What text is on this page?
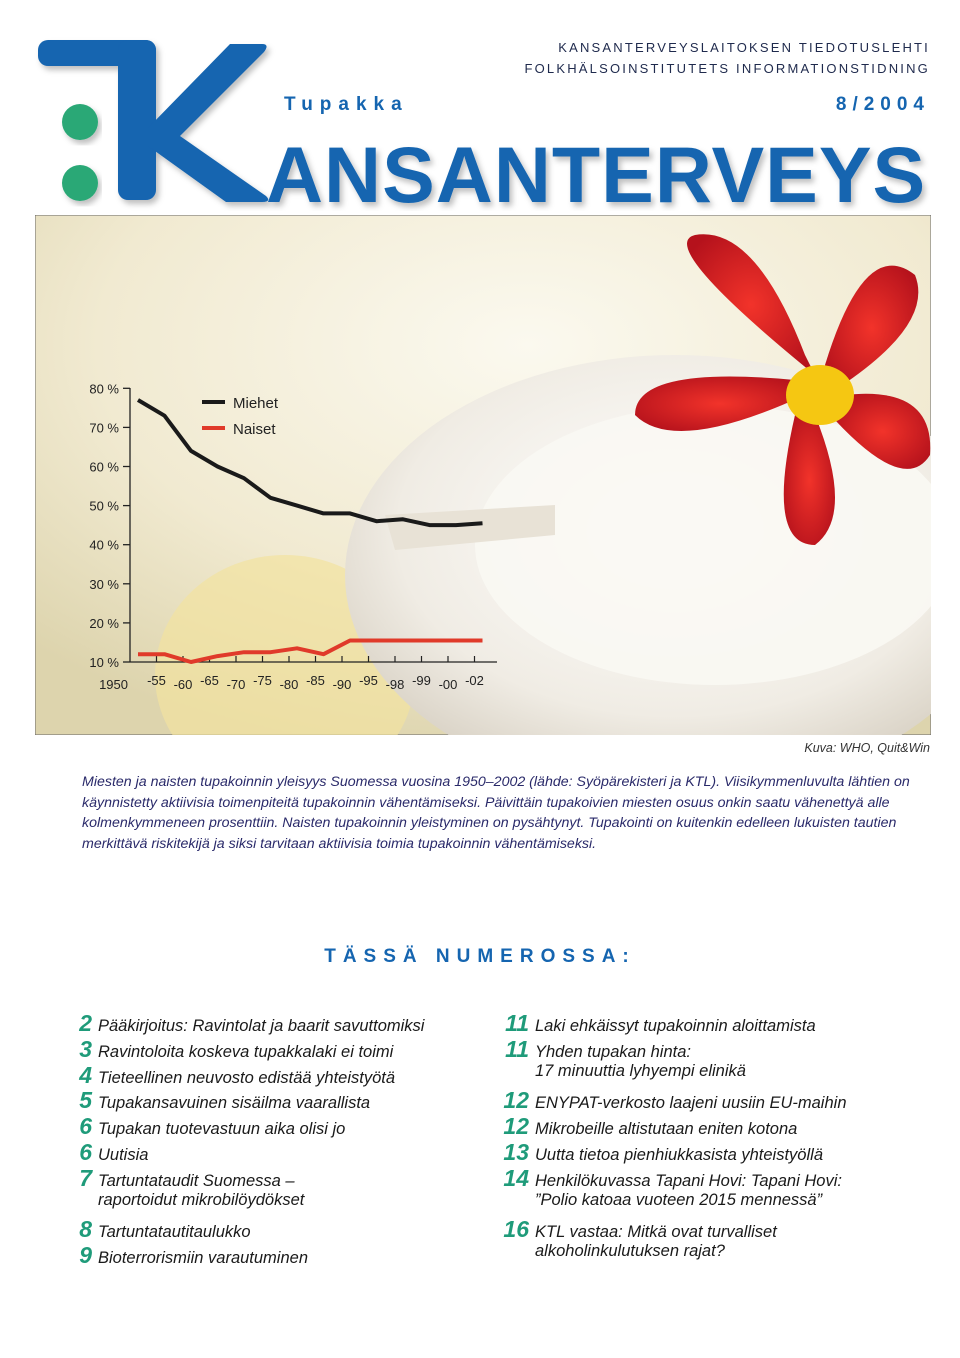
KANSANTERVEYSLAITOKSEN TIEDOTUSLEHTI
FOLKHÄLSOINSTITUTETS INFORMATIONSTIDNING
ANSANTERVEYS
Tupakka	8/2004
80 %
70 %
60 %
50 %
40 %
30 %
20 %
10 %
1950 -55 -60 -65 -70 -75 -80 -85 -90 -95 -98 -99 -00 -02
Miehet
Naiset
Kuva: WHO, Quit&Win
Miesten ja naisten tupakoinnin yleisyys Suomessa vuosina 1950–2002 (lähde: Syöpärekisteri ja KTL). Viisikymmenluvulta lähtien on käynnistetty aktiivisia toimenpiteitä tupakoinnin vähentämiseksi. Päivittäin tupakoivien miesten osuus onkin saatu vähenettyä alle kolmenkymmeneen prosenttiin. Naisten tupakoinnin yleistyminen on pysähtynyt. Tupakointi on kuitenkin edelleen lukuisten tautien merkittävä riskitekijä ja siksi tarvitaan aktiivisia toimia tupakoinnin vähentämiseksi.
TÄSSÄ NUMEROSSA:
2 Pääkirjoitus: Ravintolat ja baarit savuttomiksi
3 Ravintoloita koskeva tupakkalaki ei toimi
4 Tieteellinen neuvosto edistää yhteistyötä
5 Tupakansavuinen sisäilma vaarallista
6 Tupakan tuotevastuun aika olisi jo
6 Uutisia
7 Tartuntataudit Suomessa –
raportoidut mikrobilöydökset
8 Tartuntatautitaulukko
9 Bioterrorismiin varautuminen
11 Laki ehkäissyt tupakoinnin aloittamista
11 Yhden tupakan hinta:
17 minuuttia lyhyempi elinikä
12 ENYPAT-verkosto laajeni uusiin EU-maihin
12 Mikrobeille altistutaan eniten kotona
13 Uutta tietoa pienhiukkasista yhteistyöllä
14 Henkilökuvassa Tapani Hovi: Tapani Hovi:
”Polio katoaa vuoteen 2015 mennessä”
16 KTL vastaa: Mitkä ovat turvalliset
alkoholinkulutuksen rajat?
